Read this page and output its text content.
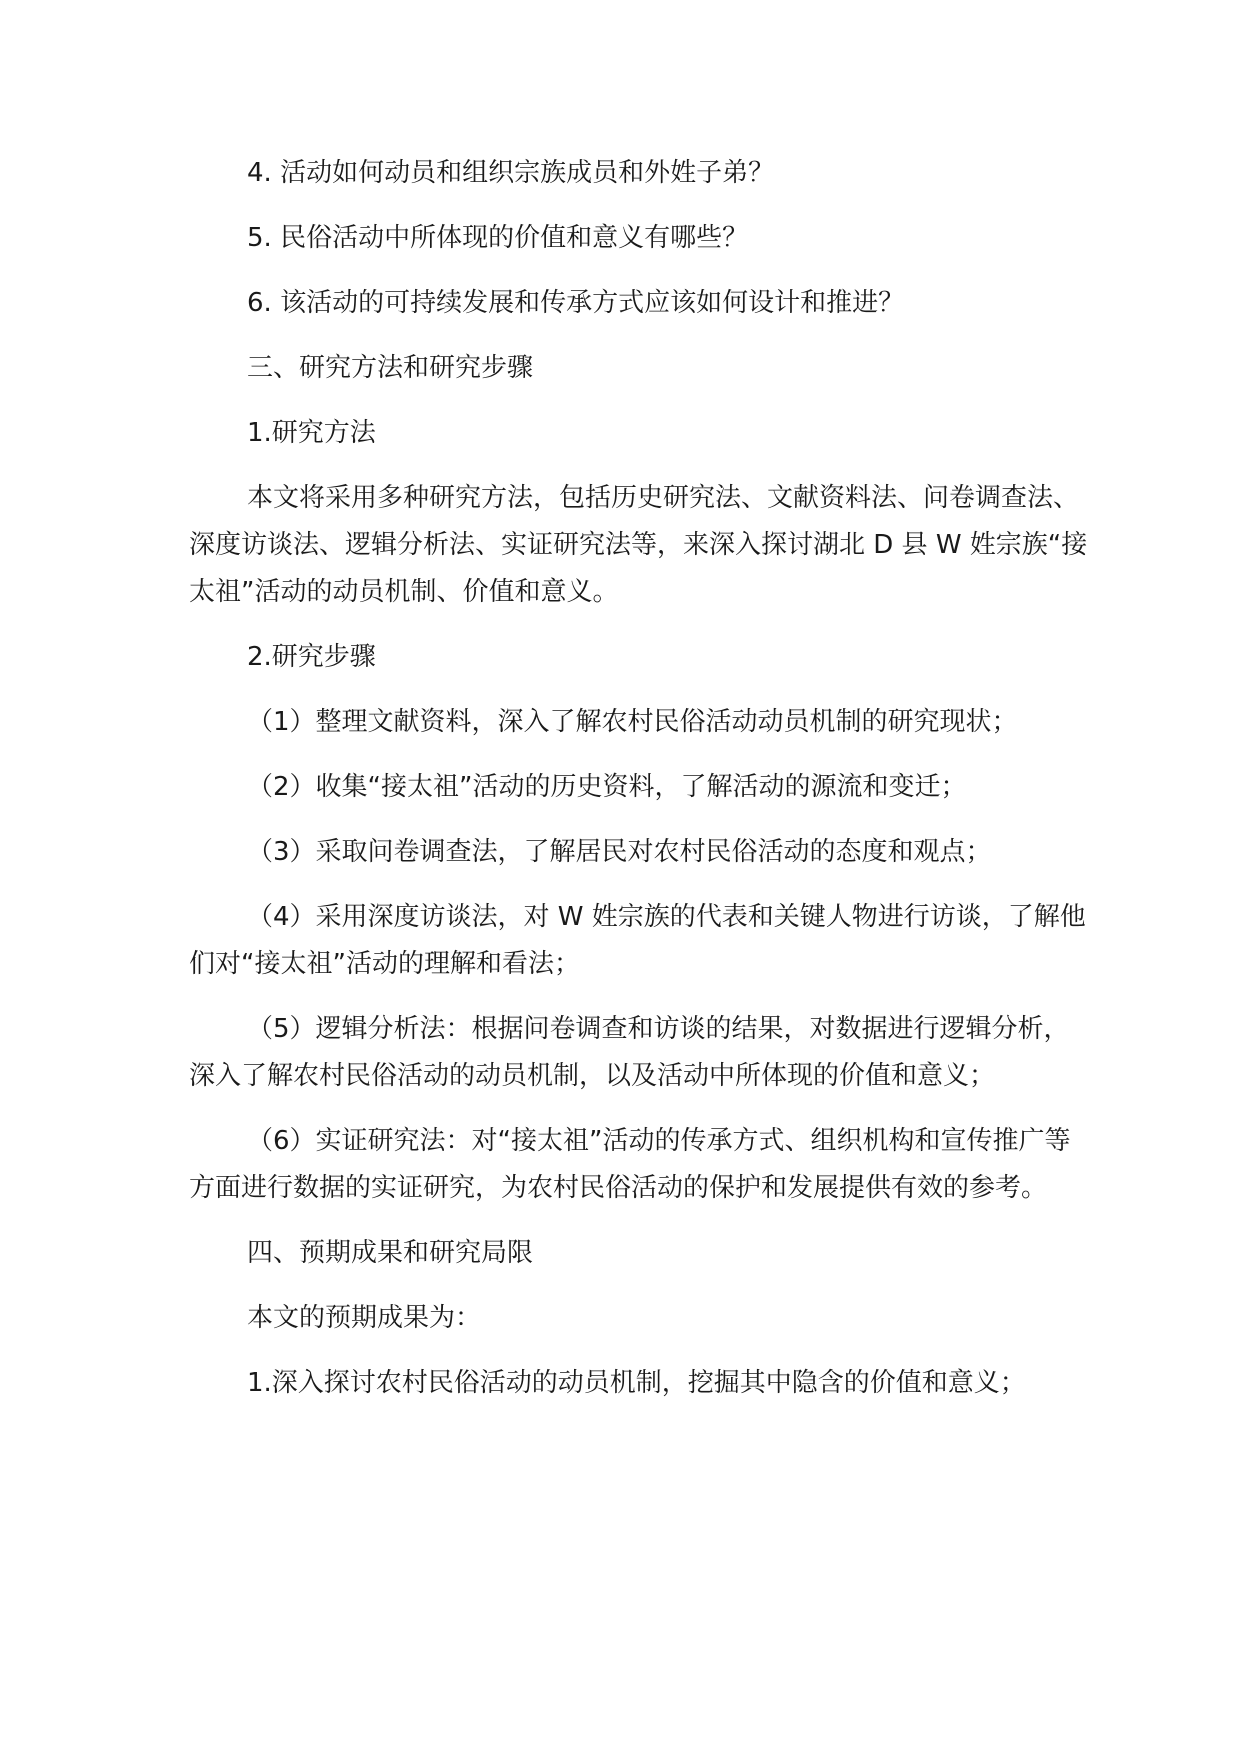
4. 活动如何动员和组织宗族成员和外姓子弟？

5. 民俗活动中所体现的价值和意义有哪些？

6. 该活动的可持续发展和传承方式应该如何设计和推进？

三、研究方法和研究步骤

1.研究方法

本文将采用多种研究方法，包括历史研究法、文献资料法、问卷调查法、深度访谈法、逻辑分析法、实证研究法等，来深入探讨湖北 D 县 W 姓宗族“接太祖”活动的动员机制、价值和意义。

2.研究步骤

（1）整理文献资料，深入了解农村民俗活动动员机制的研究现状；

（2）收集“接太祖”活动的历史资料，了解活动的源流和变迁；

（3）采取问卷调查法，了解居民对农村民俗活动的态度和观点；

（4）采用深度访谈法，对 W 姓宗族的代表和关键人物进行访谈，了解他们对“接太祖”活动的理解和看法；

（5）逻辑分析法：根据问卷调查和访谈的结果，对数据进行逻辑分析，深入了解农村民俗活动的动员机制，以及活动中所体现的价值和意义；

（6）实证研究法：对“接太祖”活动的传承方式、组织机构和宣传推广等方面进行数据的实证研究，为农村民俗活动的保护和发展提供有效的参考。

四、预期成果和研究局限

本文的预期成果为：

1.深入探讨农村民俗活动的动员机制，挖掘其中隐含的价值和意义；
